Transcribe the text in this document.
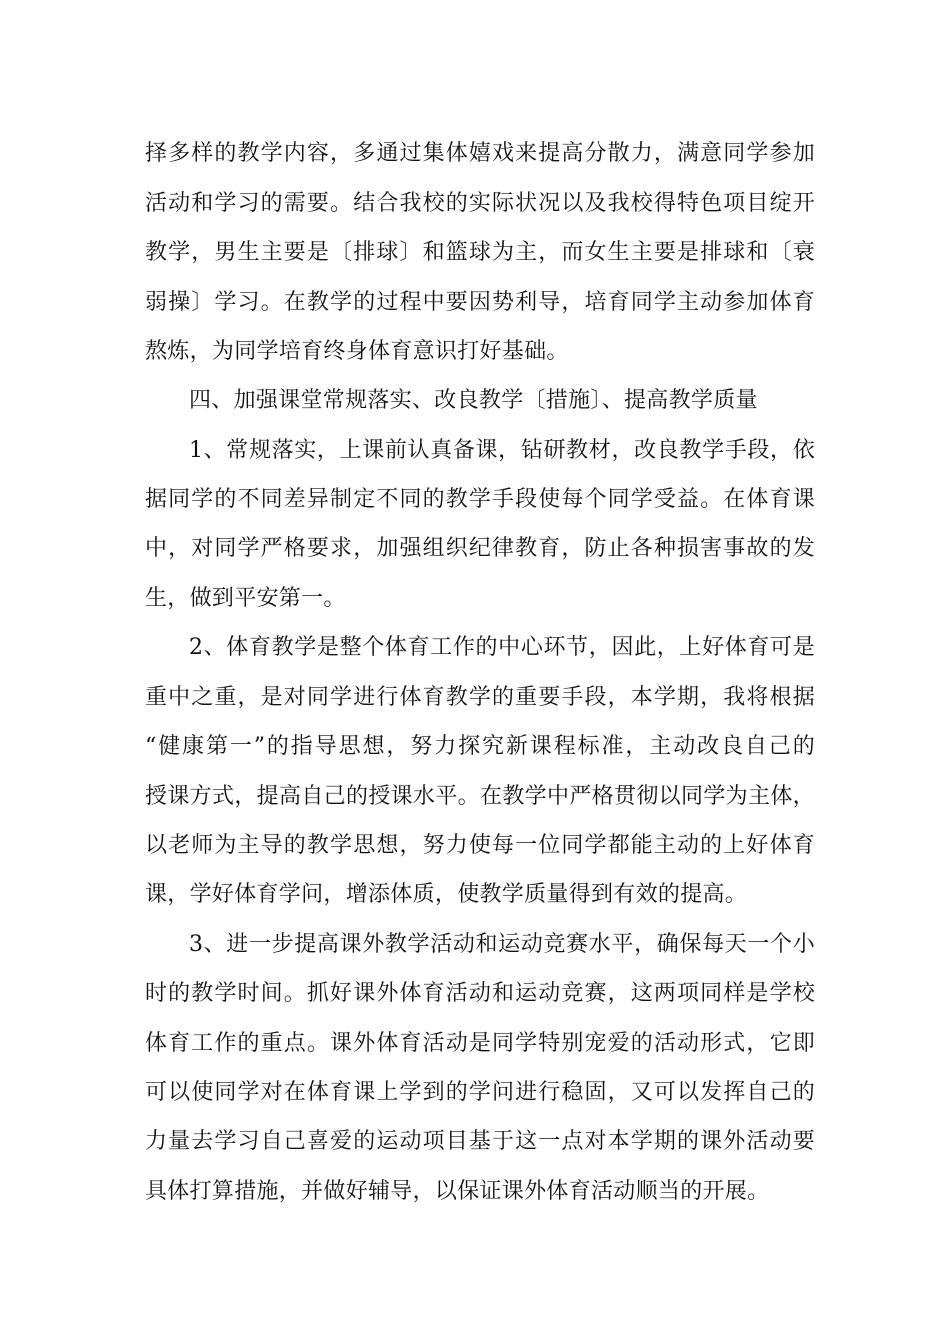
择多样的教学内容，多通过集体嬉戏来提高分散力，满意同学参加
活动和学习的需要。结合我校的实际状况以及我校得特色项目绽开
教学，男生主要是〔排球〕和篮球为主，而女生主要是排球和〔衰
弱操〕学习。在教学的过程中要因势利导，培育同学主动参加体育
熬炼，为同学培育终身体育意识打好基础。
四、加强课堂常规落实、改良教学〔措施〕、提高教学质量
1、常规落实，上课前认真备课，钻研教材，改良教学手段，依
据同学的不同差异制定不同的教学手段使每个同学受益。在体育课
中，对同学严格要求，加强组织纪律教育，防止各种损害事故的发
生，做到平安第一。
2、体育教学是整个体育工作的中心环节，因此，上好体育可是
重中之重，是对同学进行体育教学的重要手段，本学期，我将根据
“健康第一”的指导思想，努力探究新课程标准，主动改良自己的
授课方式，提高自己的授课水平。在教学中严格贯彻以同学为主体，
以老师为主导的教学思想，努力使每一位同学都能主动的上好体育
课，学好体育学问，增添体质，使教学质量得到有效的提高。
3、进一步提高课外教学活动和运动竞赛水平，确保每天一个小
时的教学时间。抓好课外体育活动和运动竞赛，这两项同样是学校
体育工作的重点。课外体育活动是同学特别宠爱的活动形式，它即
可以使同学对在体育课上学到的学问进行稳固，又可以发挥自己的
力量去学习自己喜爱的运动项目基于这一点对本学期的课外活动要
具体打算措施，并做好辅导，以保证课外体育活动顺当的开展。
